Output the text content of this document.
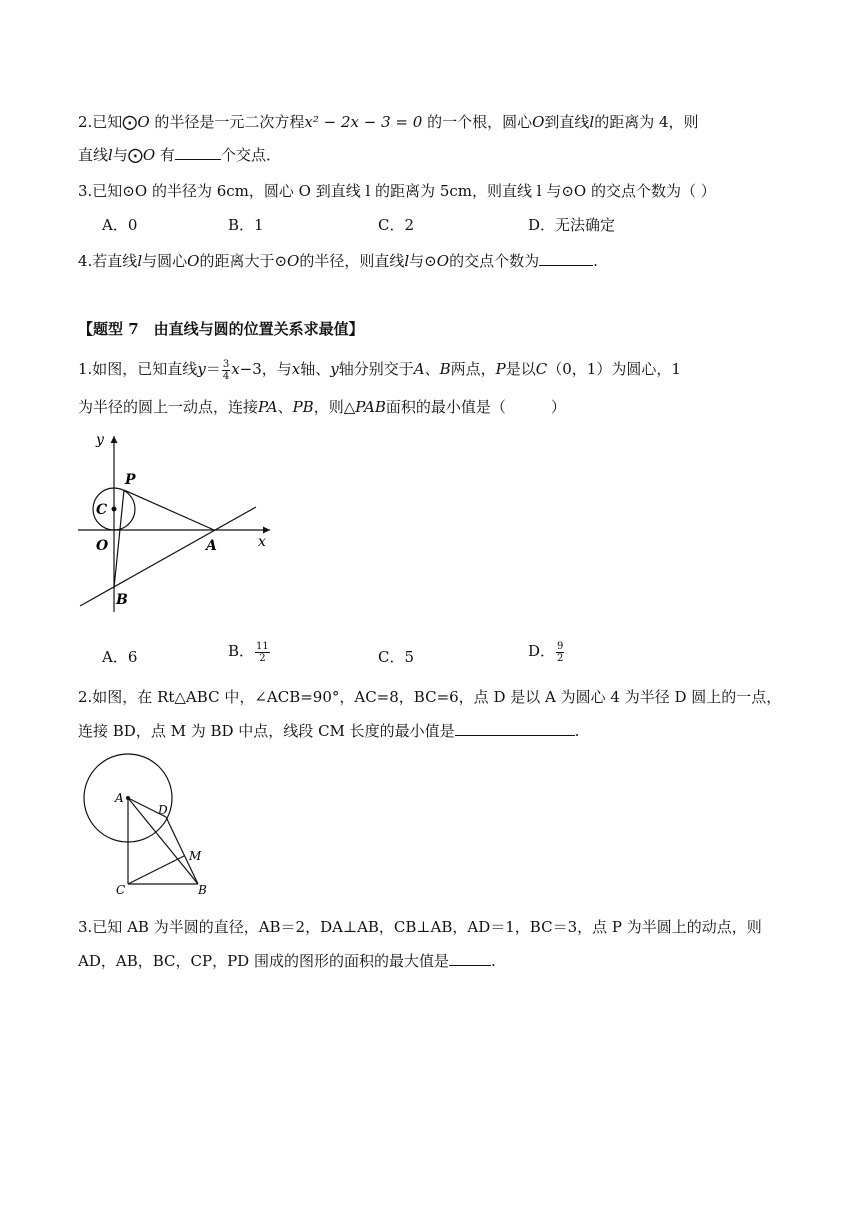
2.已知⨀O 的半径是一元二次方程x² − 2x − 3 = 0 的一个根，圆心O到直线l的距离为 4，则
直线l与⨀O 有	个交点．
3.已知⊙O 的半径为 6cm，圆心 O 到直线 l 的距离为 5cm，则直线 l 与⊙O 的交点个数为（ ）
A．0	B．1	C．2	D．无法确定
4.若直线l与圆心O的距离大于⊙O的半径，则直线l与⊙O的交点个数为	.
【题型 7　由直线与圆的位置关系求最值】
1.如图，已知直线$y= \frac{3}{4} x-3$，与x轴、y轴分别交于A、B两点，P是以C（0，1）为圆心，1
为半径的圆上一动点，连接PA、PB，则△PAB面积的最小值是（　　　）
y
x
P
C
O	A
B
A．6	B． $\frac{11}{2}$	C．5	D． $\frac{9}{2}$
2.如图，在 Rt△ABC 中，∠ACB=90°，AC=8，BC=6，点 D 是以 A 为圆心 4 为半径 D 圆上的一点，
连接 BD，点 M 为 BD 中点，线段 CM 长度的最小值是	.
A
D
M
C	B
3.已知 AB 为半圆的直径，AB＝2，DA⊥AB，CB⊥AB，AD＝1，BC＝3，点 P 为半圆上的动点，则
AD，AB，BC，CP，PD 围成的图形的面积的最大值是	.
